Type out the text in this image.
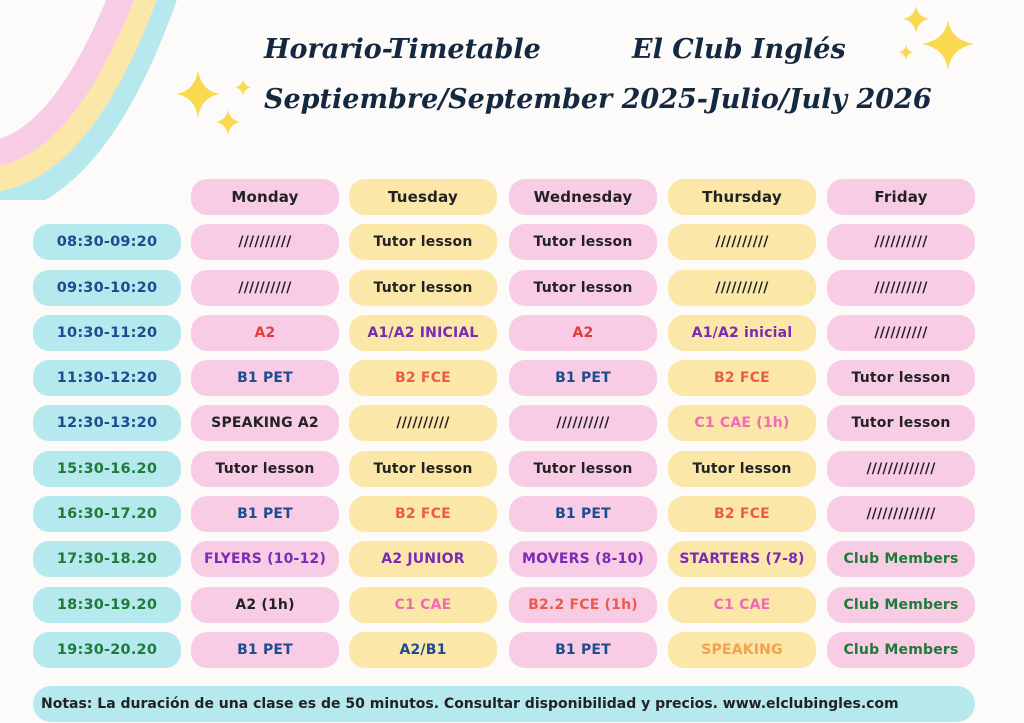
Horario-Timetable	El Club Inglés
Septiembre/September 2025-Julio/July 2026
Monday	Tuesday	Wednesday	Thursday	Friday
08:30-09:20	//////////	Tutor lesson	Tutor lesson	//////////	//////////
09:30-10:20	//////////	Tutor lesson	Tutor lesson	//////////	//////////
10:30-11:20	A2	A1/A2 INICIAL	A2	A1/A2 inicial	//////////
11:30-12:20	B1 PET	B2 FCE	B1 PET	B2 FCE	Tutor lesson
12:30-13:20	SPEAKING A2	//////////	//////////	C1 CAE (1h)	Tutor lesson
15:30-16.20	Tutor lesson	Tutor lesson	Tutor lesson	Tutor lesson	/////////////
16:30-17.20	B1 PET	B2 FCE	B1 PET	B2 FCE	/////////////
17:30-18.20	FLYERS (10-12)	A2 JUNIOR	MOVERS (8-10)	STARTERS (7-8)	Club Members
18:30-19.20	A2 (1h)	C1 CAE	B2.2 FCE (1h)	C1 CAE	Club Members
19:30-20.20	B1 PET	A2/B1	B1 PET	SPEAKING	Club Members
Notas: La duración de una clase es de 50 minutos. Consultar disponibilidad y precios. www.elclubingles.com
